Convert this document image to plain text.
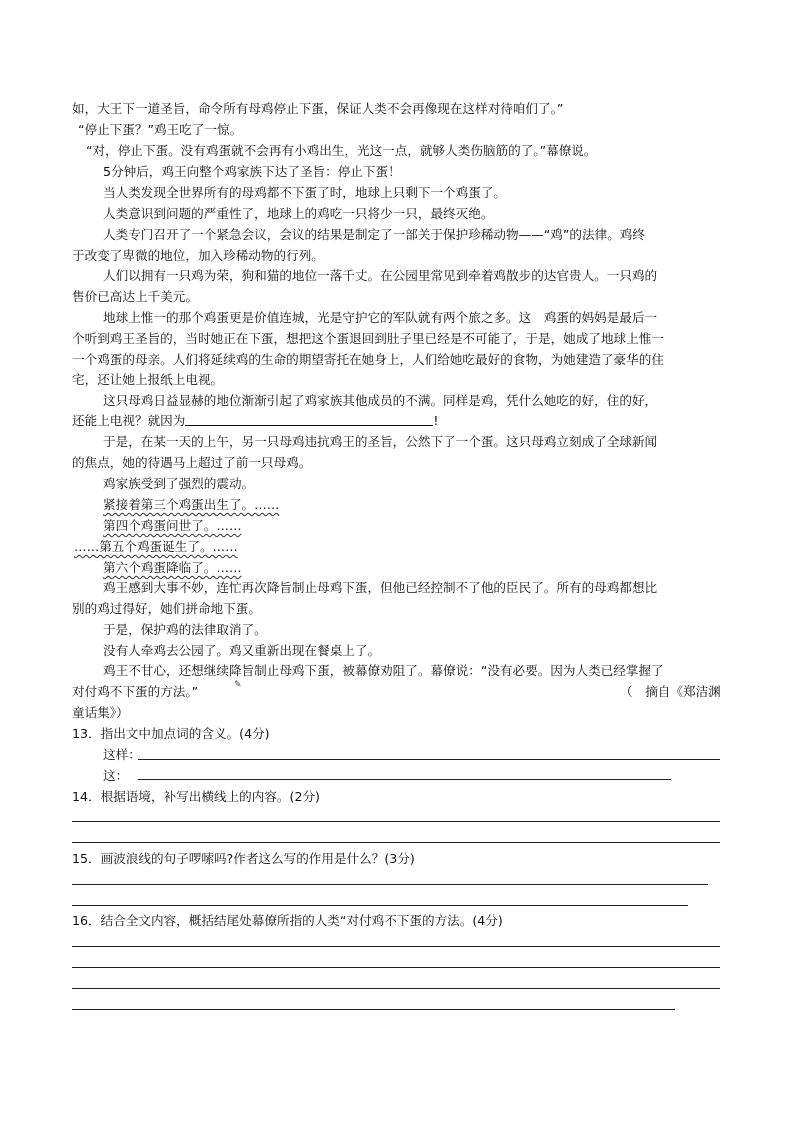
如，大王下一道圣旨，命令所有母鸡停止下蛋，保证人类不会再像现在这样对待咱们了。”
“停止下蛋？”鸡王吃了一惊。
“对，停止下蛋。没有鸡蛋就不会再有小鸡出生，光这一点，就够人类伤脑筋的了。”幕僚说。
5分钟后，鸡王向整个鸡家族下达了圣旨：停止下蛋！
当人类发现全世界所有的母鸡都不下蛋了时，地球上只剩下一个鸡蛋了。
人类意识到问题的严重性了，地球上的鸡吃一只将少一只，最终灭绝。
人类专门召开了一个紧急会议，会议的结果是制定了一部关于保护珍稀动物——“鸡”的法律。鸡终
于改变了卑微的地位，加入珍稀动物的行列。
人们以拥有一只鸡为荣，狗和猫的地位一落千丈。在公园里常见到牵着鸡散步的达官贵人。一只鸡的
售价已高达上千美元。
地球上惟一的那个鸡蛋更是价值连城，光是守护它的军队就有两个旅之多。这　鸡蛋的妈妈是最后一
个听到鸡王圣旨的，当时她正在下蛋，想把这个蛋退回到肚子里已经是不可能了，于是，她成了地球上惟一
一个鸡蛋的母亲。人们将延续鸡的生命的期望寄托在她身上，人们给她吃最好的食物，为她建造了豪华的住
宅，还让她上报纸上电视。
这只母鸡日益显赫的地位渐渐引起了鸡家族其他成员的不满。同样是鸡，凭什么她吃的好，住的好，
还能上电视？就因为	!
于是，在某一天的上午，另一只母鸡违抗鸡王的圣旨，公然下了一个蛋。这只母鸡立刻成了全球新闻
的焦点，她的待遇马上超过了前一只母鸡。
鸡家族受到了强烈的震动。
紧接着第三个鸡蛋出生了。……
第四个鸡蛋问世了。……
……第五个鸡蛋诞生了。……
第六个鸡蛋降临了。……
鸡王感到大事不妙，连忙再次降旨制止母鸡下蛋，但他已经控制不了他的臣民了。所有的母鸡都想比
别的鸡过得好，她们拼命地下蛋。
于是，保护鸡的法律取消了。
没有人牵鸡去公园了。鸡又重新出现在餐桌上了。
鸡王不甘心，还想继续降旨制止母鸡下蛋，被幕僚劝阻了。幕僚说：“没有必要。因为人类已经掌握了
对付鸡不下蛋的方法。”	✎	（　摘自《郑洁渊
童话集》）
13．指出文中加点词的含义。(4分)
这样：
这：
14．根据语境，补写出横线上的内容。(2分)
15．画波浪线的句子啰嗦吗?作者这么写的作用是什么？(3分)
16．结合全文内容，概括结尾处幕僚所指的人类“对付鸡不下蛋的方法。(4分)
